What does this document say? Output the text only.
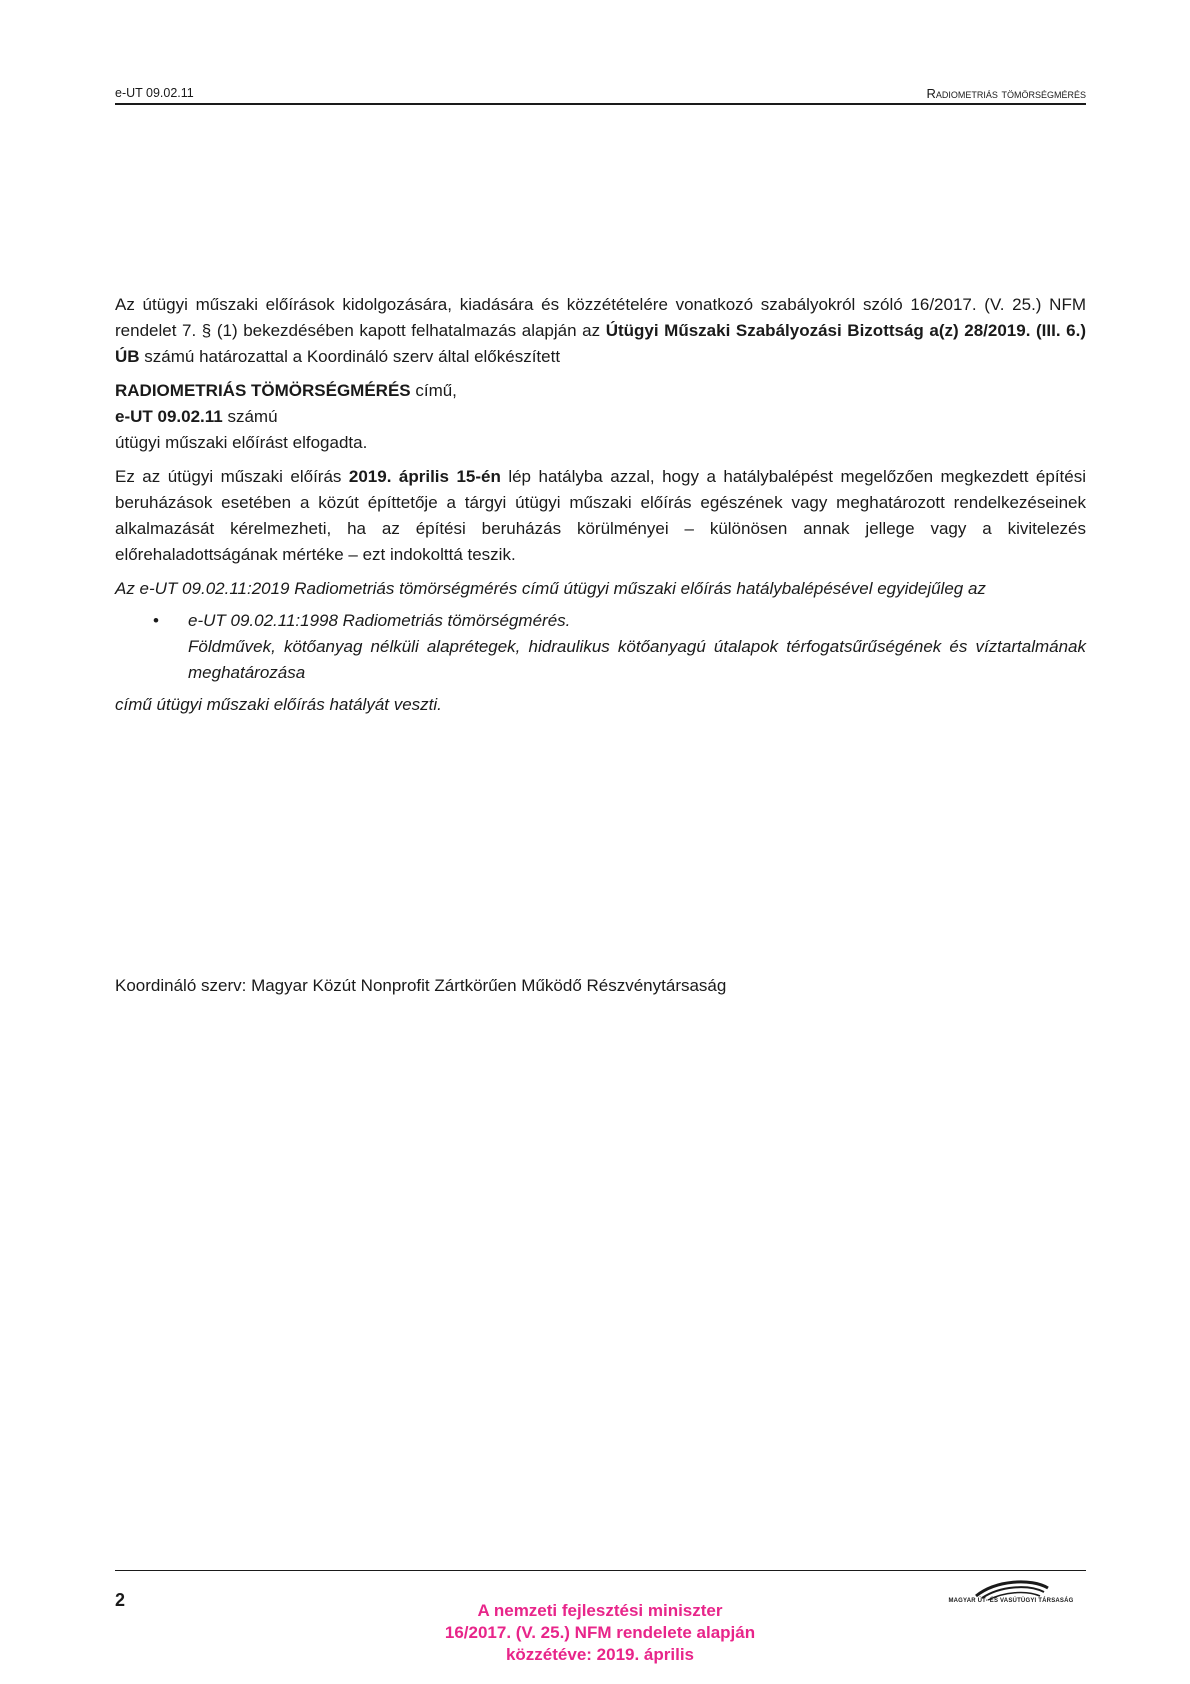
e-UT 09.02.11	Radiometriás tömörségmérés

Az útügyi műszaki előírások kidolgozására, kiadására és közzétételére vonatkozó szabályokról szóló 16/2017. (V. 25.) NFM rendelet 7. § (1) bekezdésében kapott felhatalmazás alapján az Útügyi Műszaki Szabályozási Bizottság a(z) 28/2019. (III. 6.) ÚB számú határozattal a Koordináló szerv által előkészített

RADIOMETRIÁS TÖMÖRSÉGMÉRÉS című,

e-UT 09.02.11 számú

útügyi műszaki előírást elfogadta.

Ez az útügyi műszaki előírás 2019. április 15-én lép hatályba azzal, hogy a hatálybalépést megelőzően megkezdett építési beruházások esetében a közút építtetője a tárgyi útügyi műszaki előírás egészének vagy meghatározott rendelkezéseinek alkalmazását kérelmezheti, ha az építési beruházás körülményei – különösen annak jellege vagy a kivitelezés előrehaladottságának mértéke – ezt indokolttá teszik.

Az e-UT 09.02.11:2019 Radiometriás tömörségmérés című útügyi műszaki előírás hatálybalépésével egyidejűleg az

• e-UT 09.02.11:1998 Radiometriás tömörségmérés.

Földművek, kötőanyag nélküli alaprétegek, hidraulikus kötőanyagú útalapok térfogatsűrűségének és víztartalmának meghatározása

című útügyi műszaki előírás hatályát veszti.

Koordináló szerv: Magyar Közút Nonprofit Zártkörűen Működő Részvénytársaság
2
A nemzeti fejlesztési miniszter
16/2017. (V. 25.) NFM rendelete alapján
közzétéve: 2019. április
MAGYAR ÚT- ÉS VASÚTÜGYI TÁRSASÁG
